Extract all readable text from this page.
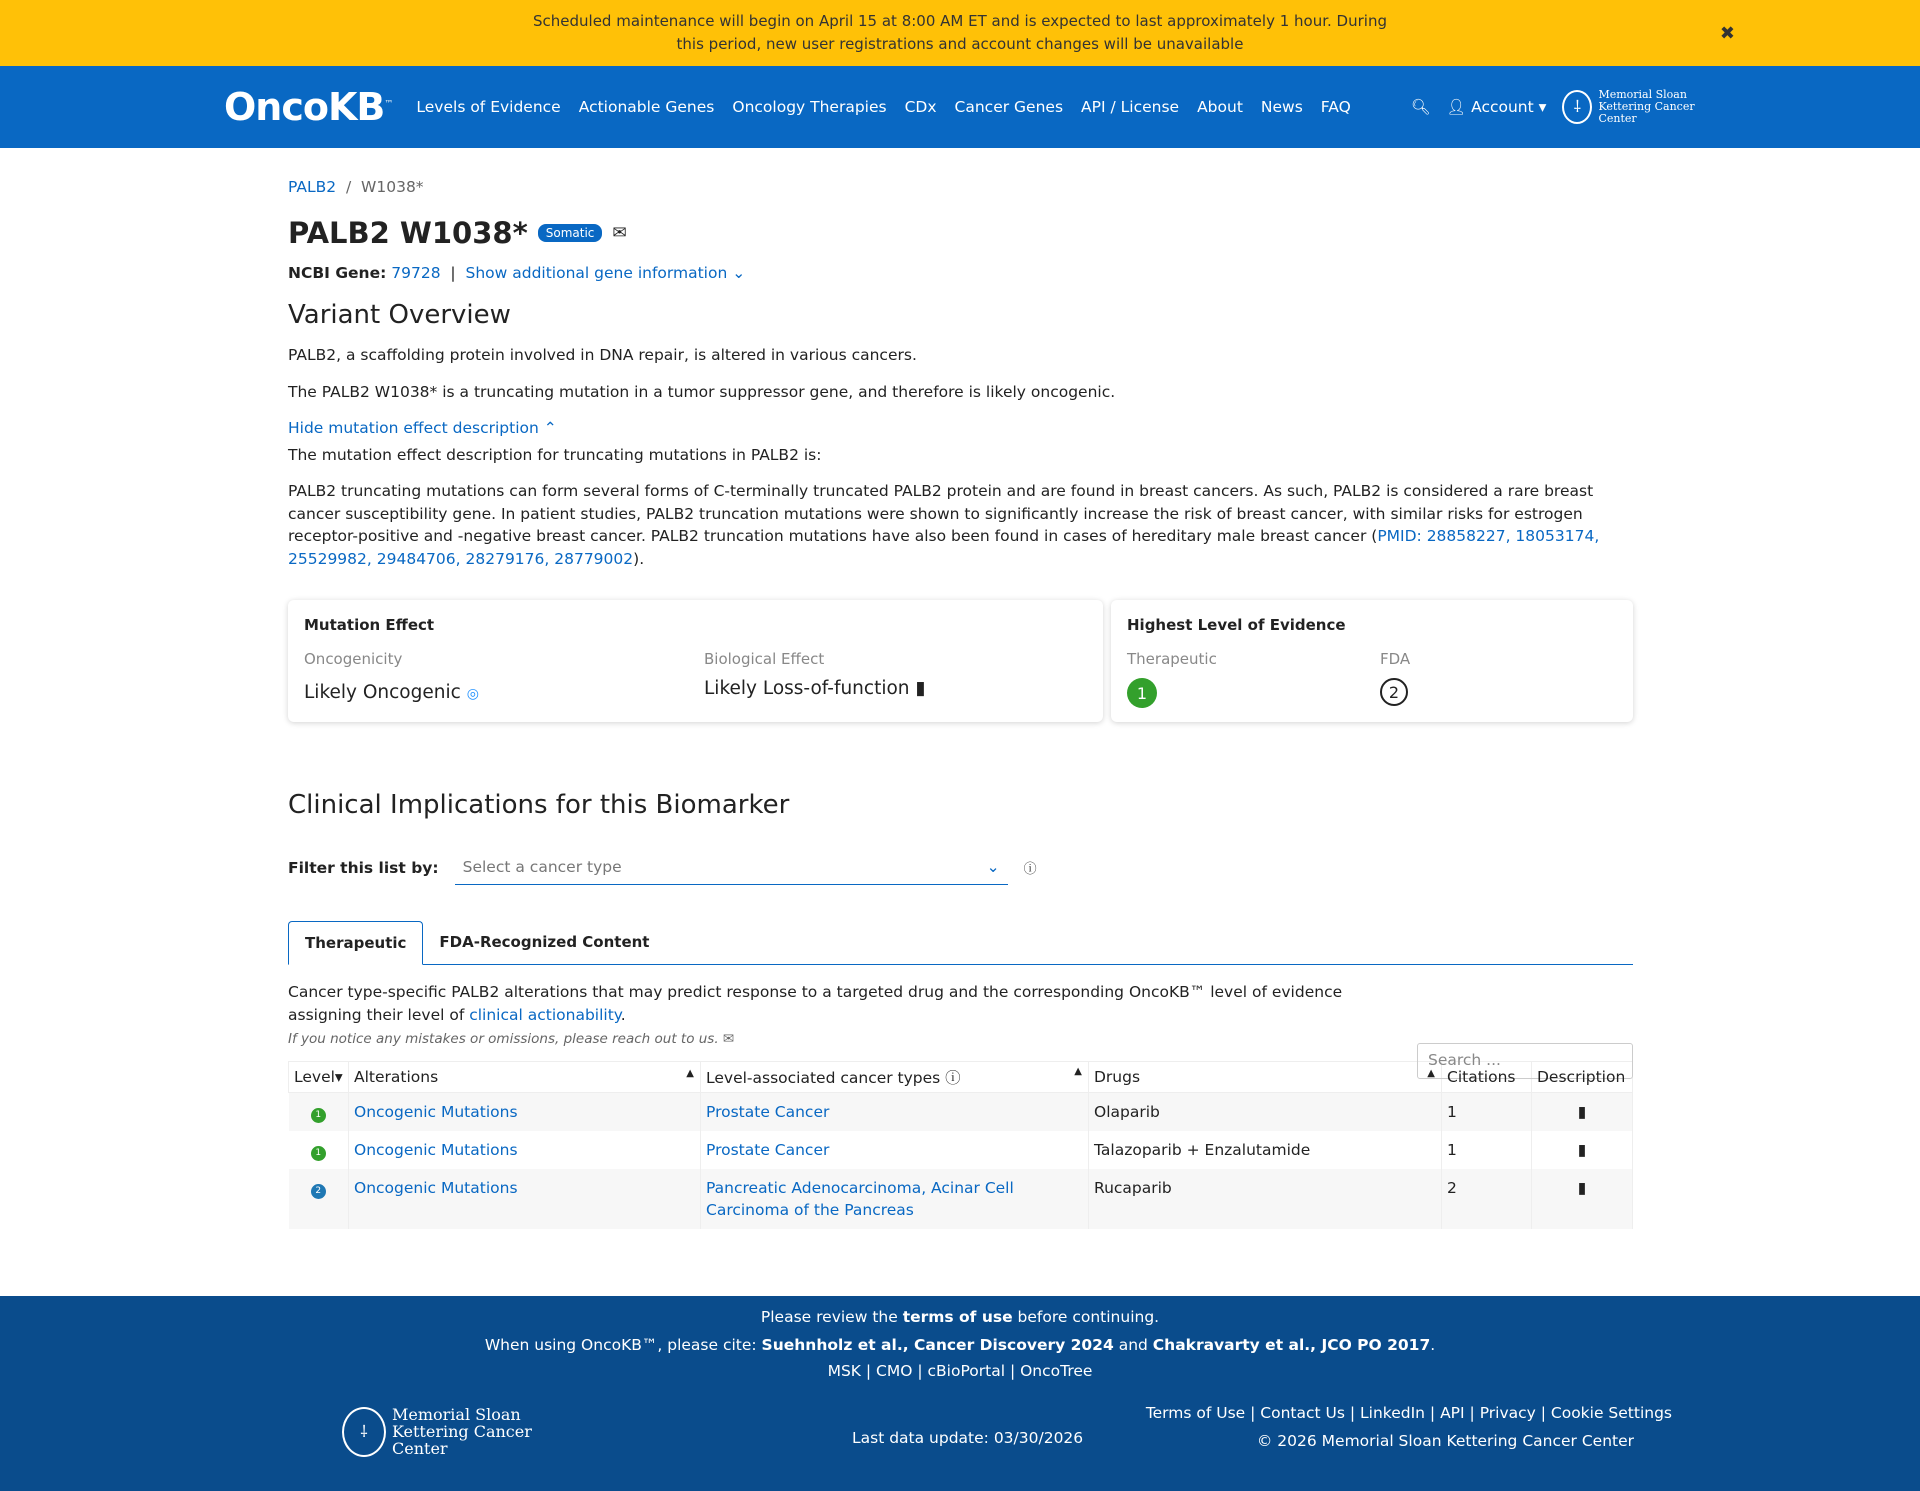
Scheduled maintenance will begin on April 15 at 8:00 AM ET and is expected to last approximately 1 hour. During this period, new user registrations and account changes will be unavailable	✖
OncoKB™ Levels of Evidence Actionable Genes Oncology Therapies CDx Cancer Genes API / License About News FAQ	🔍︎ 👤︎ Account ▾	⸸
Memorial Sloan Kettering Cancer Center
PALB2  /  W1038*
PALB2 W1038*	Somatic	✉
NCBI Gene: 79728  |  Show additional gene information ⌄
Variant Overview

PALB2, a scaffolding protein involved in DNA repair, is altered in various cancers.

The PALB2 W1038* is a truncating mutation in a tumor suppressor gene, and therefore is likely oncogenic.

Hide mutation effect description ⌃

The mutation effect description for truncating mutations in PALB2 is:

PALB2 truncating mutations can form several forms of C-terminally truncated PALB2 protein and are found in breast cancers. As such, PALB2 is considered a rare breast cancer susceptibility gene. In patient studies, PALB2 truncation mutations were shown to significantly increase the risk of breast cancer, with similar risks for estrogen receptor-positive and -negative breast cancer. PALB2 truncation mutations have also been found in cases of hereditary male breast cancer (PMID: 28858227, 18053174, 25529982, 29484706, 28279176, 28779002).

Mutation Effect
Oncogenicity
Likely Oncogenic ◎
Biological Effect
Likely Loss-of-function ▮
Highest Level of Evidence
Therapeutic
1
FDA
2
Clinical Implications for this Biomarker
Filter this list by: Select a cancer type	⌄ ⓘ
Therapeutic	FDA-Recognized Content
Cancer type-specific PALB2 alterations that may predict response to a targeted drug and the corresponding OncoKB™ level of evidence assigning their level of clinical actionability.
If you notice any mistakes or omissions, please reach out to us. ✉
Search ...
Level▾	Alterations ▲	Level-associated cancer types ⓘ ▲	Drugs ▲	Citations	Description
1	Oncogenic Mutations	Prostate Cancer	Olaparib	1	▮
1	Oncogenic Mutations	Prostate Cancer	Talazoparib + Enzalutamide	1	▮
2	Oncogenic Mutations	Pancreatic Adenocarcinoma, Acinar Cell Carcinoma of the Pancreas	Rucaparib	2	▮
Please review the terms of use before continuing.
When using OncoKB™, please cite: Suehnholz et al., Cancer Discovery 2024 and Chakravarty et al., JCO PO 2017.
MSK | CMO | cBioPortal | OncoTree
⸸
Memorial Sloan Kettering Cancer Center
Last data update: 03/30/2026
Terms of Use | Contact Us | LinkedIn | API | Privacy | Cookie Settings
© 2026 Memorial Sloan Kettering Cancer Center
